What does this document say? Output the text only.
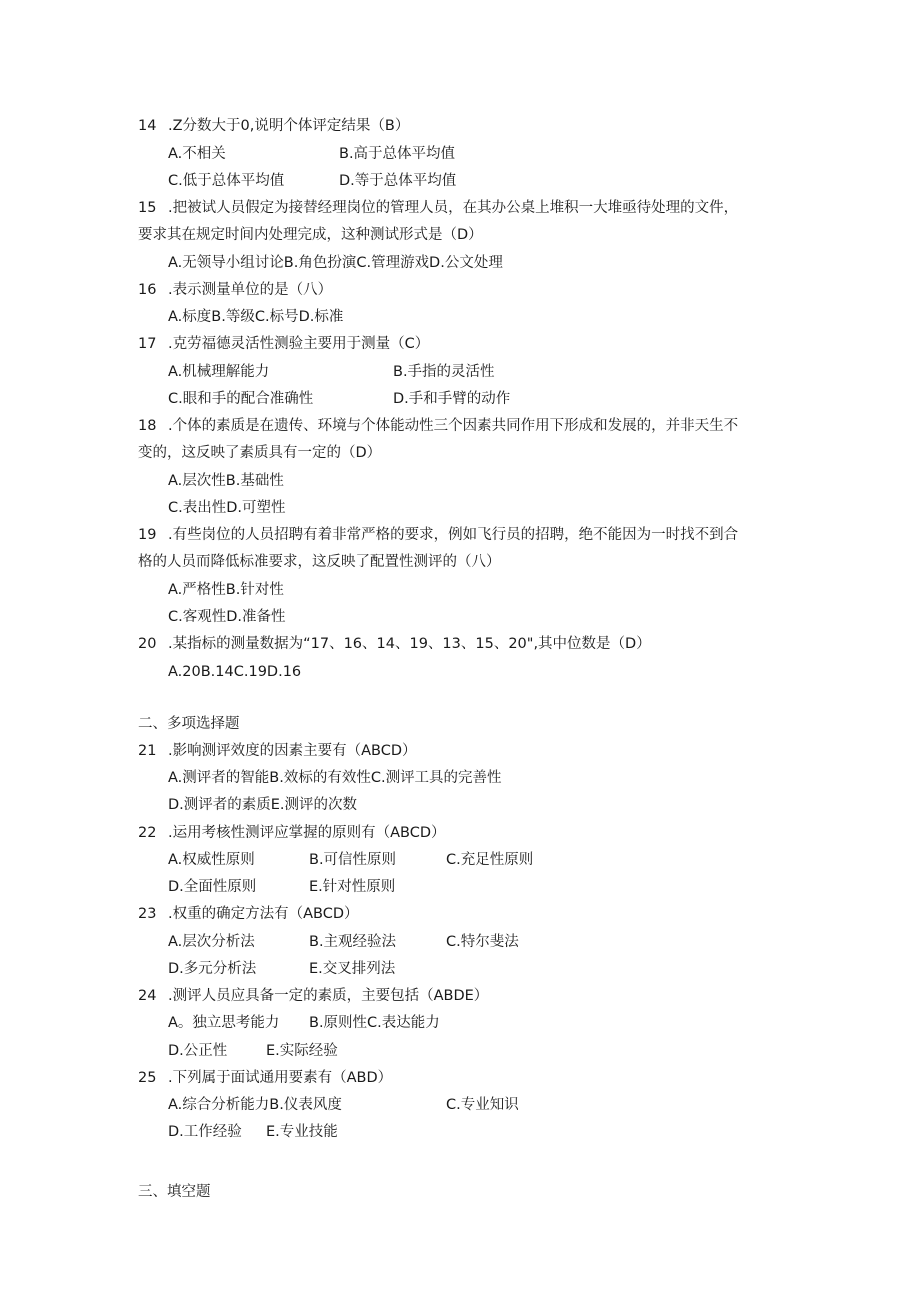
14 .Z分数大于0,说明个体评定结果（B）
A.不相关	B.高于总体平均值
C.低于总体平均值	D.等于总体平均值
15 .把被试人员假定为接替经理岗位的管理人员，在其办公桌上堆积一大堆亟待处理的文件，
要求其在规定时间内处理完成，这种测试形式是（D）
A.无领导小组讨论B.角色扮演C.管理游戏D.公文处理
16 .表示测量单位的是（八）
A.标度B.等级C.标号D.标准
17 .克劳福德灵活性测验主要用于测量（C）
A.机械理解能力	B.手指的灵活性
C.眼和手的配合准确性	D.手和手臂的动作
18 .个体的素质是在遗传、环境与个体能动性三个因素共同作用下形成和发展的，并非天生不
变的，这反映了素质具有一定的（D）
A.层次性B.基础性
C.表出性D.可塑性
19 .有些岗位的人员招聘有着非常严格的要求，例如飞行员的招聘，绝不能因为一时找不到合
格的人员而降低标准要求，这反映了配置性测评的（八）
A.严格性B.针对性
C.客观性D.准备性
20 .某指标的测量数据为“17、16、14、19、13、15、20",其中位数是（D）
A.20B.14C.19D.16
二、多项选择题
21 .影响测评效度的因素主要有（ABCD）
A.测评者的智能B.效标的有效性C.测评工具的完善性
D.测评者的素质E.测评的次数
22 .运用考核性测评应掌握的原则有（ABCD）
A.权威性原则	B.可信性原则	C.充足性原则
D.全面性原则	E.针对性原则
23 .权重的确定方法有（ABCD）
A.层次分析法	B.主观经验法	C.特尔斐法
D.多元分析法	E.交叉排列法
24 .测评人员应具备一定的素质，主要包括（ABDE）
A。独立思考能力 B.原则性C.表达能力
D.公正性	E.实际经验
25 .下列属于面试通用要素有（ABD）
A.综合分析能力B.仪表风度	C.专业知识
D.工作经验 E.专业技能
三、填空题
